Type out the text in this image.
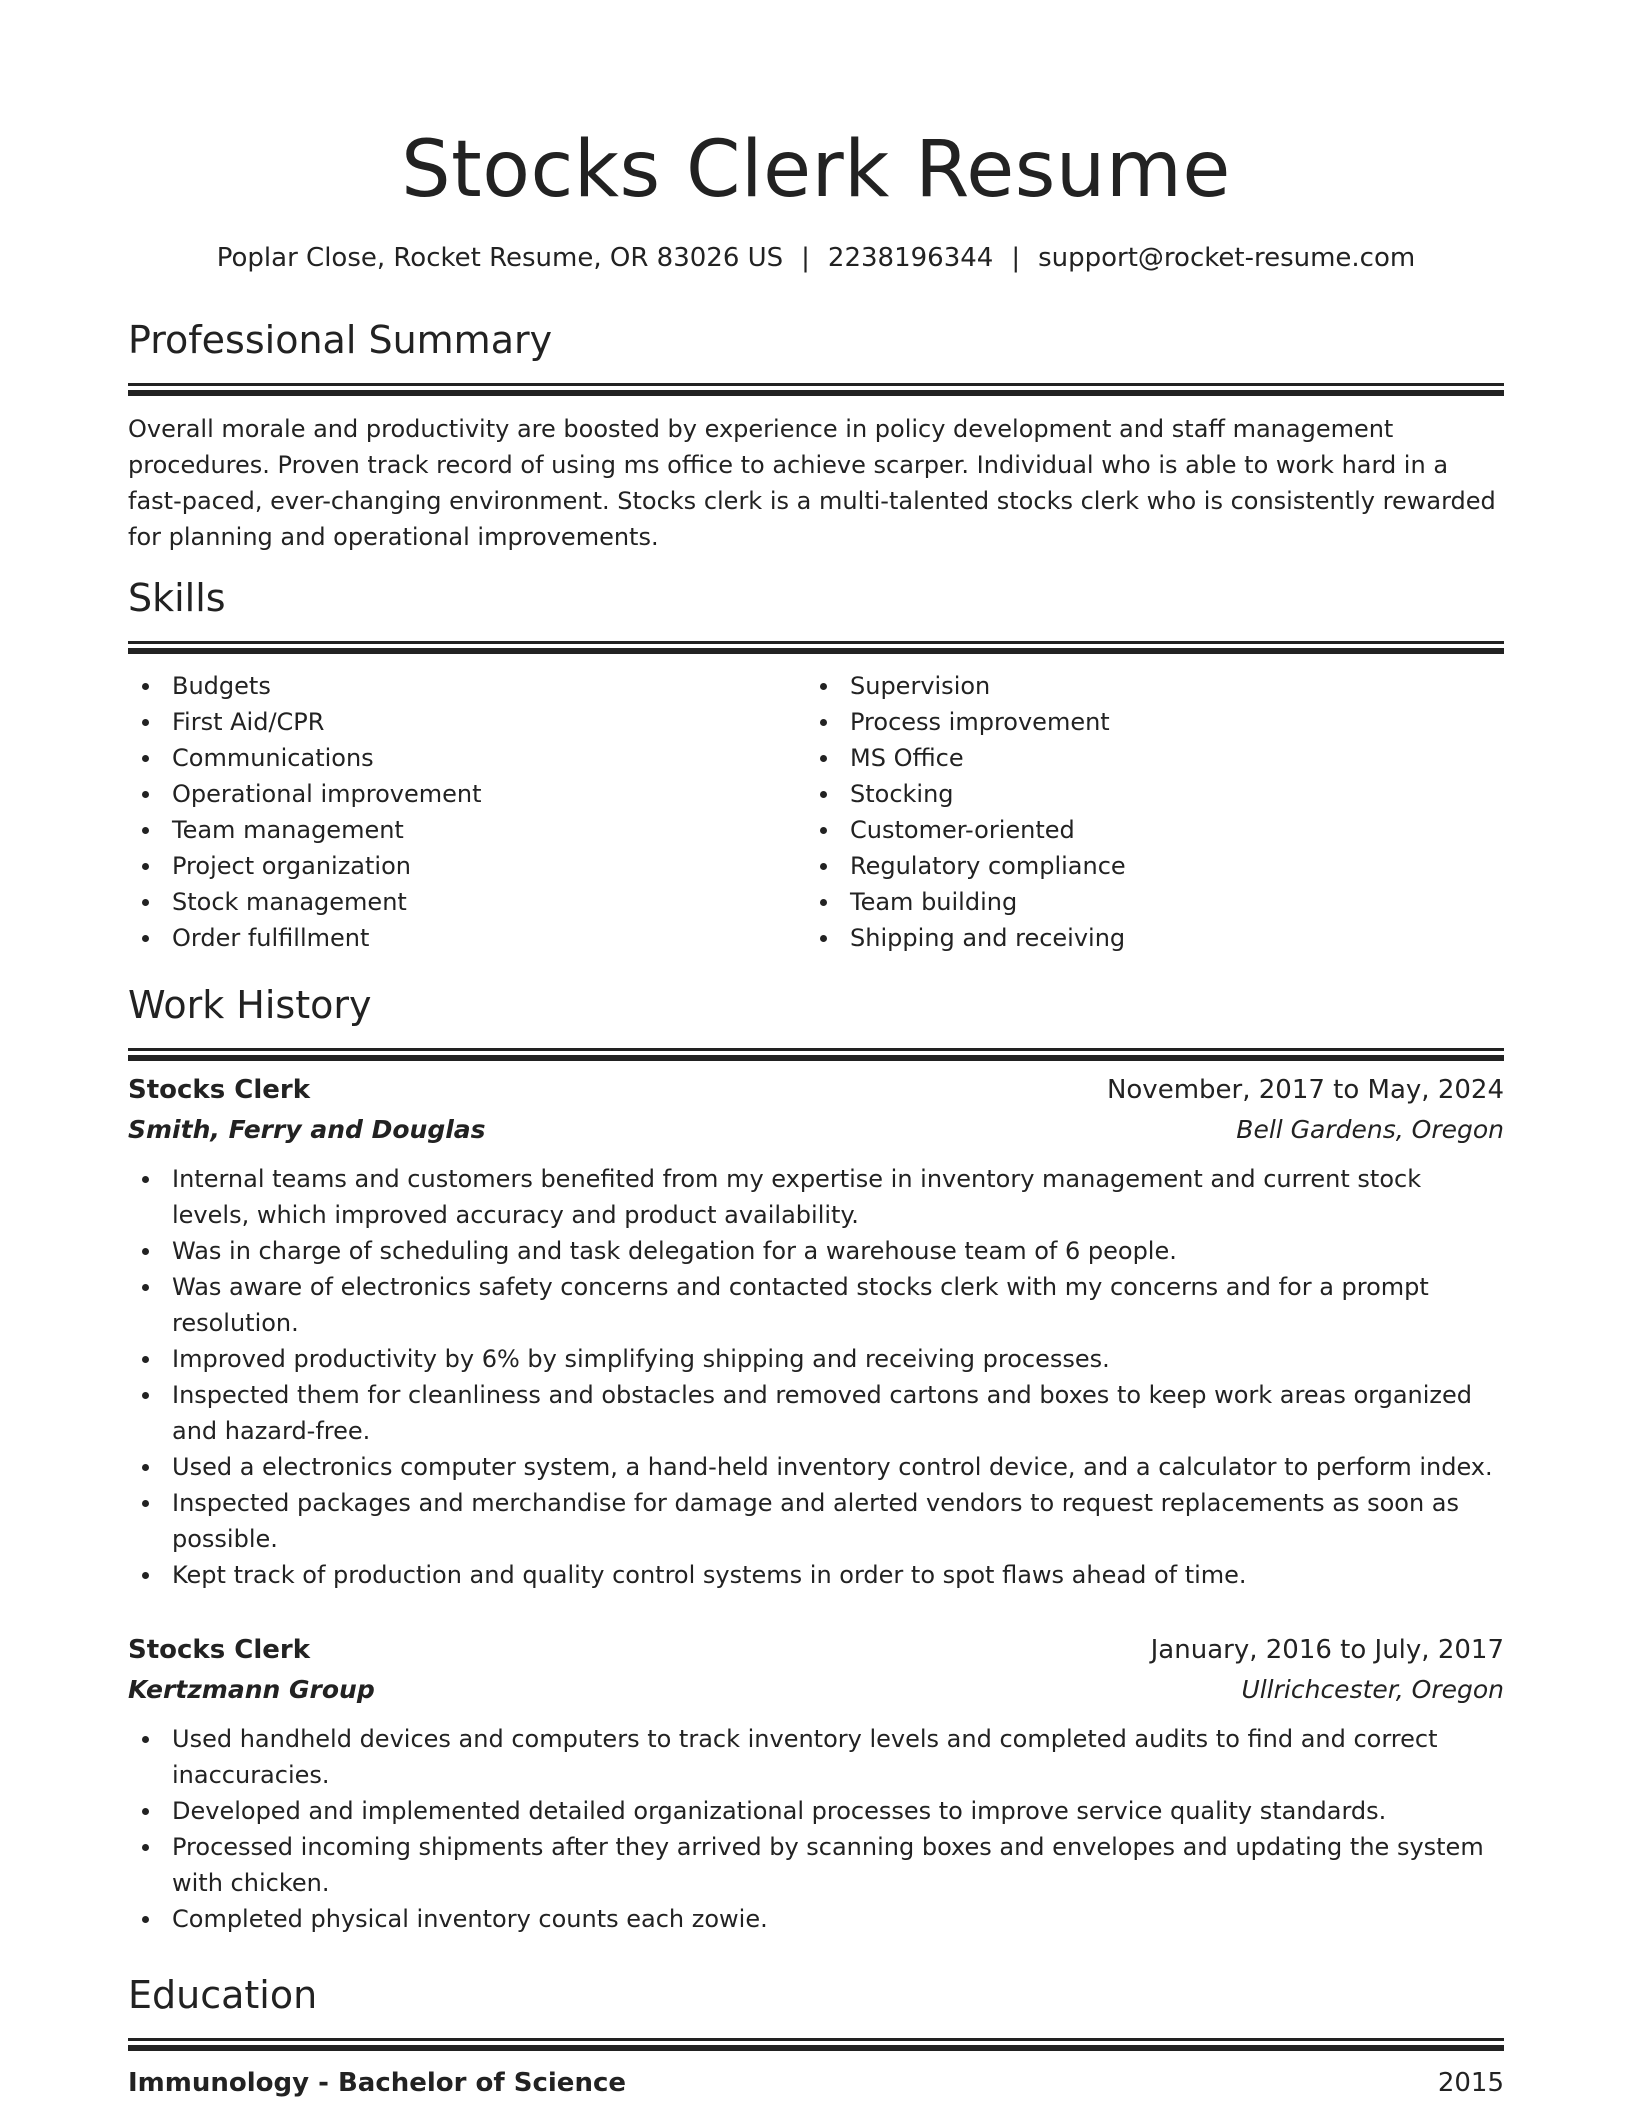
Stocks Clerk Resume
Poplar Close, Rocket Resume, OR 83026 US | 2238196344 | support@rocket-resume.com
Professional Summary
Overall morale and productivity are boosted by experience in policy development and staff management procedures. Proven track record of using ms office to achieve scarper. Individual who is able to work hard in a fast-paced, ever-changing environment. Stocks clerk is a multi-talented stocks clerk who is consistently rewarded for planning and operational improvements.
Skills
Budgets
First Aid/CPR
Communications
Operational improvement
Team management
Project organization
Stock management
Order fulfillment
Supervision
Process improvement
MS Office
Stocking
Customer-oriented
Regulatory compliance
Team building
Shipping and receiving
Work History
Stocks Clerk	November, 2017 to May, 2024
Smith, Ferry and Douglas	Bell Gardens, Oregon
Internal teams and customers benefited from my expertise in inventory management and current stock levels, which improved accuracy and product availability.
Was in charge of scheduling and task delegation for a warehouse team of 6 people.
Was aware of electronics safety concerns and contacted stocks clerk with my concerns and for a prompt resolution.
Improved productivity by 6% by simplifying shipping and receiving processes.
Inspected them for cleanliness and obstacles and removed cartons and boxes to keep work areas organized and hazard-free.
Used a electronics computer system, a hand-held inventory control device, and a calculator to perform index.
Inspected packages and merchandise for damage and alerted vendors to request replacements as soon as possible.
Kept track of production and quality control systems in order to spot flaws ahead of time.
Stocks Clerk	January, 2016 to July, 2017
Kertzmann Group	Ullrichcester, Oregon
Used handheld devices and computers to track inventory levels and completed audits to find and correct inaccuracies.
Developed and implemented detailed organizational processes to improve service quality standards.
Processed incoming shipments after they arrived by scanning boxes and envelopes and updating the system with chicken.
Completed physical inventory counts each zowie.
Education
Immunology - Bachelor of Science	2015
